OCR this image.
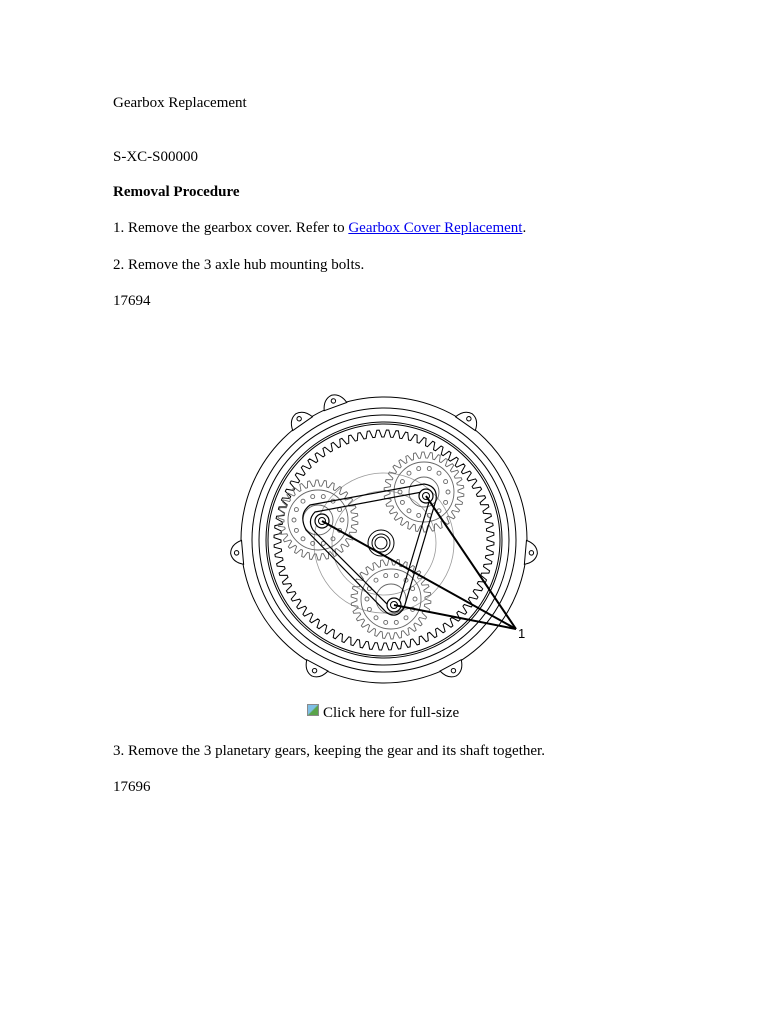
Gearbox Replacement
S-XC-S00000
Removal Procedure
1. Remove the gearbox cover. Refer to Gearbox Cover Replacement.
2. Remove the 3 axle hub mounting bolts.
17694
1
Click here for full-size
3. Remove the 3 planetary gears, keeping the gear and its shaft together.
17696
